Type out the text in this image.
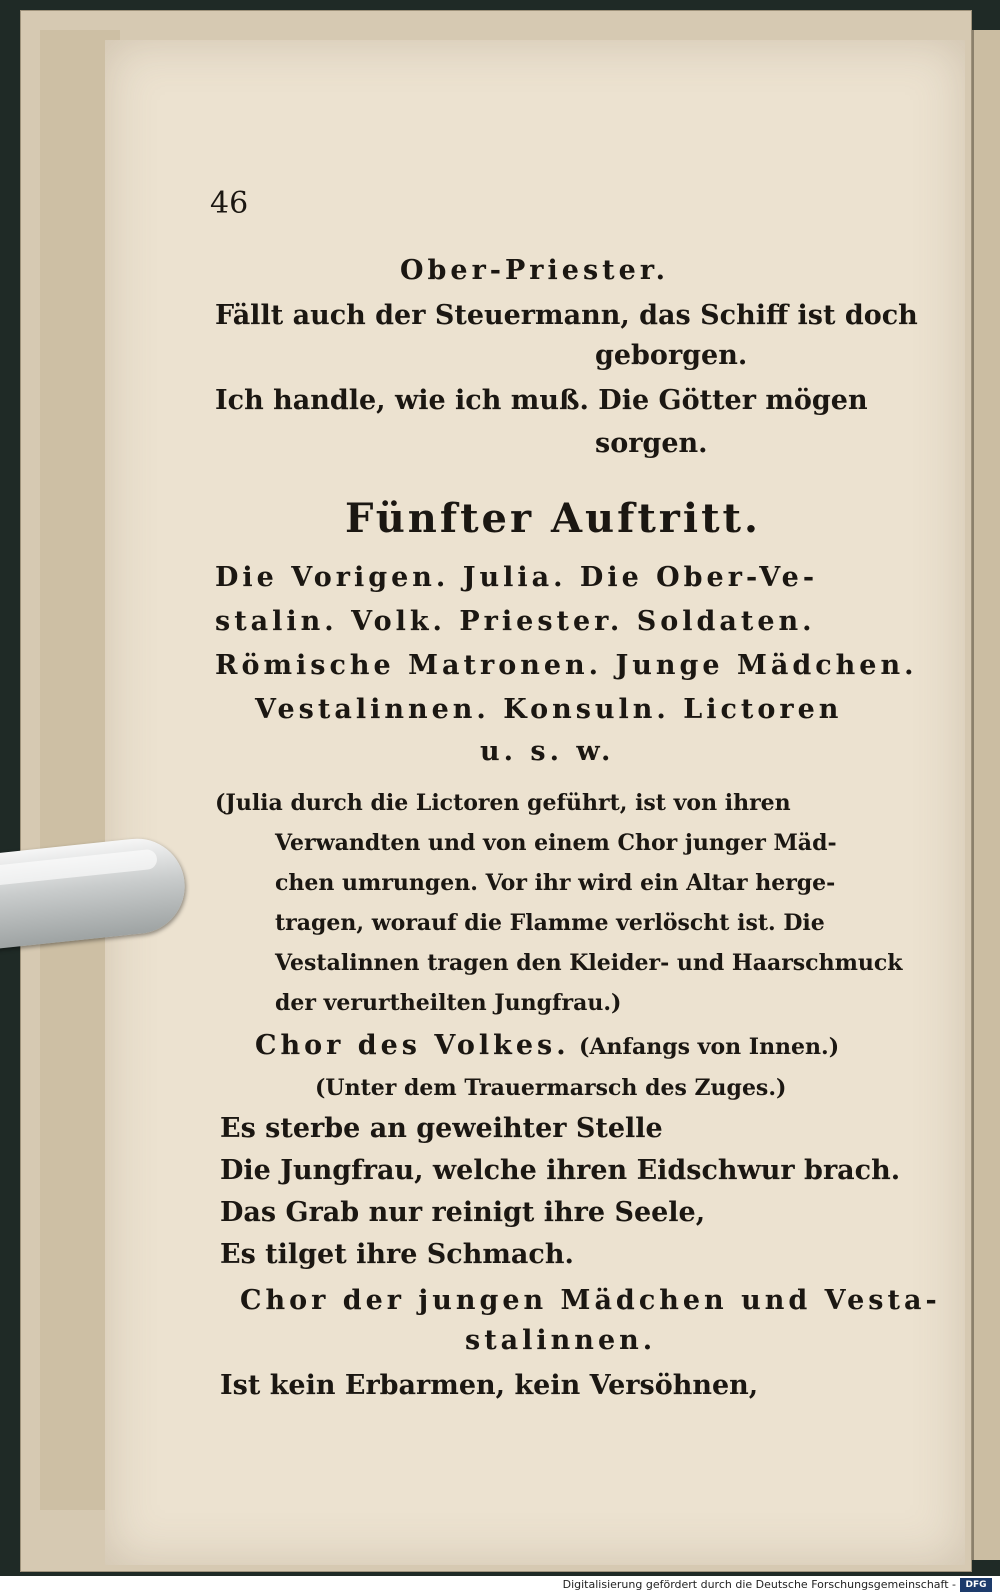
46
Ober-Priester.
Fällt auch der Steuermann, das Schiff ist doch
geborgen.
Ich handle, wie ich muß. Die Götter mögen
sorgen.
Fünfter Auftritt.
Die Vorigen. Julia. Die Ober-Ve-
stalin. Volk. Priester. Soldaten.
Römische Matronen. Junge Mädchen.
Vestalinnen. Konsuln. Lictoren
u. s. w.
(Julia durch die Lictoren geführt, ist von ihren
Verwandten und von einem Chor junger Mäd-
chen umrungen. Vor ihr wird ein Altar herge-
tragen, worauf die Flamme verlöscht ist. Die
Vestalinnen tragen den Kleider- und Haarschmuck
der verurtheilten Jungfrau.)
Chor des Volkes. (Anfangs von Innen.)
(Unter dem Trauermarsch des Zuges.)
Es sterbe an geweihter Stelle
Die Jungfrau, welche ihren Eidschwur brach.
Das Grab nur reinigt ihre Seele,
Es tilget ihre Schmach.
Chor der jungen Mädchen und Vesta-
stalinnen.
Ist kein Erbarmen, kein Versöhnen,
Digitalisierung gefördert durch die Deutsche Forschungsgemeinschaft -	DFG
